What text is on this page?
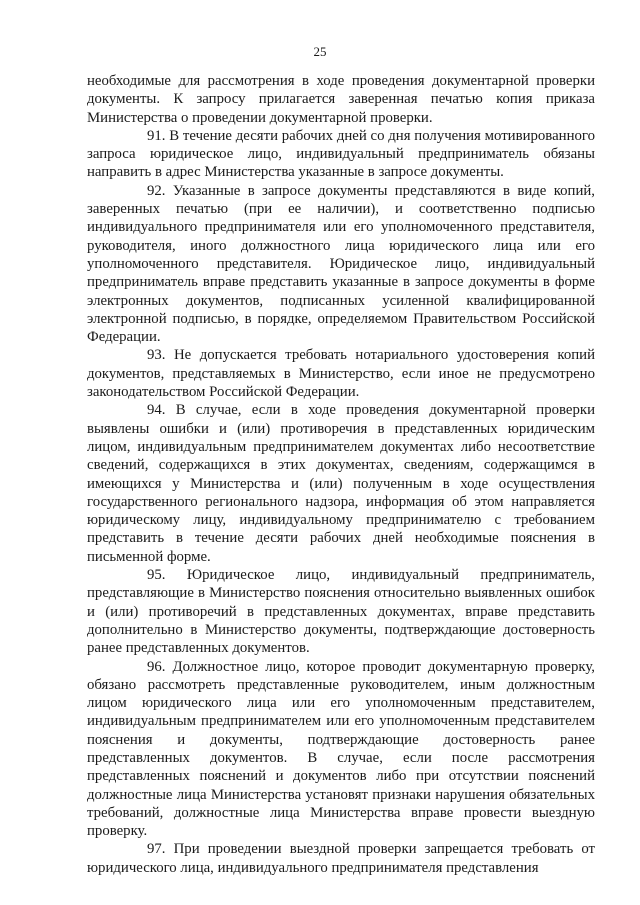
25

необходимые для рассмотрения в ходе проведения документарной проверки документы. К запросу прилагается заверенная печатью копия приказа Министерства о проведении документарной проверки.

91. В течение десяти рабочих дней со дня получения мотивированного запроса юридическое лицо, индивидуальный предприниматель обязаны направить в адрес Министерства указанные в запросе документы.

92. Указанные в запросе документы представляются в виде копий, заверенных печатью (при ее наличии), и соответственно подписью индивидуального предпринимателя или его уполномоченного представителя, руководителя, иного должностного лица юридического лица или его уполномоченного представителя. Юридическое лицо, индивидуальный предприниматель вправе представить указанные в запросе документы в форме электронных документов, подписанных усиленной квалифицированной электронной подписью, в порядке, определяемом Правительством Российской Федерации.

93. Не допускается требовать нотариального удостоверения копий документов, представляемых в Министерство, если иное не предусмотрено законодательством Российской Федерации.

94. В случае, если в ходе проведения документарной проверки выявлены ошибки и (или) противоречия в представленных юридическим лицом, индивидуальным предпринимателем документах либо несоответствие сведений, содержащихся в этих документах, сведениям, содержащимся в имеющихся у Министерства и (или) полученным в ходе осуществления государственного регионального надзора, информация об этом направляется юридическому лицу, индивидуальному предпринимателю с требованием представить в течение десяти рабочих дней необходимые пояснения в письменной форме.

95. Юридическое лицо, индивидуальный предприниматель, представляющие в Министерство пояснения относительно выявленных ошибок и (или) противоречий в представленных документах, вправе представить дополнительно в Министерство документы, подтверждающие достоверность ранее представленных документов.

96. Должностное лицо, которое проводит документарную проверку, обязано рассмотреть представленные руководителем, иным должностным лицом юридического лица или его уполномоченным представителем, индивидуальным предпринимателем или его уполномоченным представителем пояснения и документы, подтверждающие достоверность ранее представленных документов. В случае, если после рассмотрения представленных пояснений и документов либо при отсутствии пояснений должностные лица Министерства установят признаки нарушения обязательных требований, должностные лица Министерства вправе провести выездную проверку.

97. При проведении выездной проверки запрещается требовать от юридического лица, индивидуального предпринимателя представления
